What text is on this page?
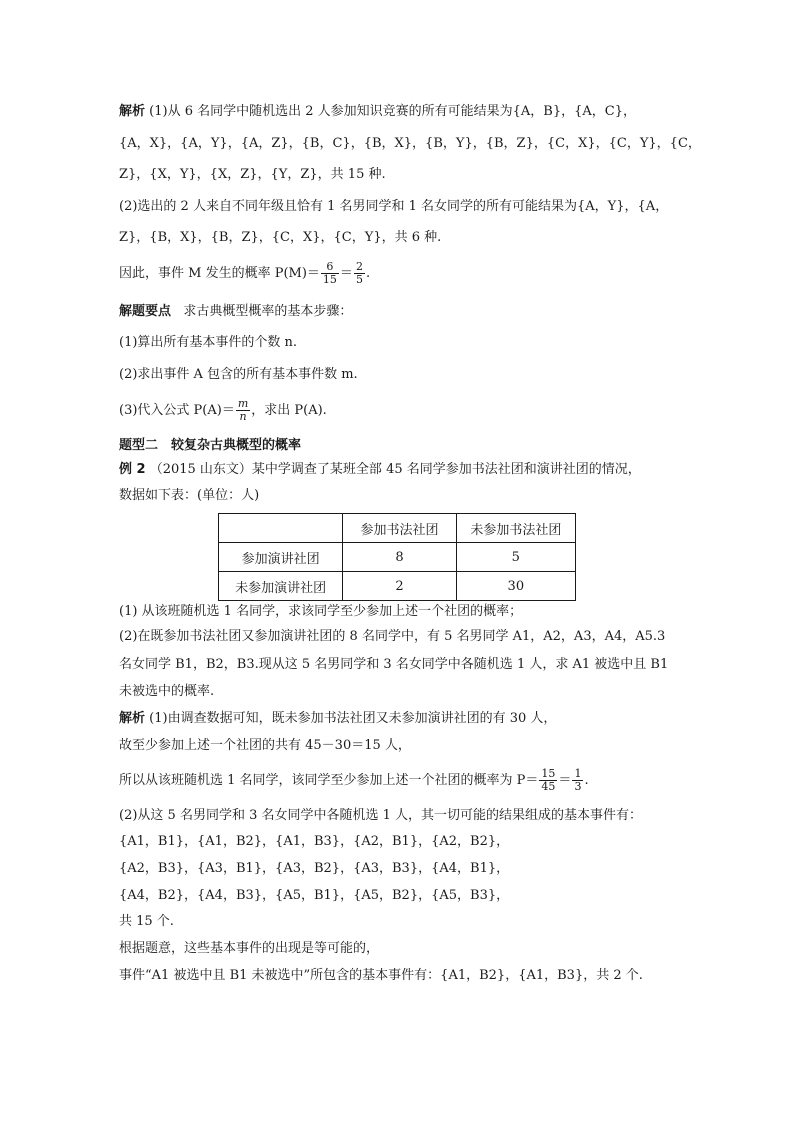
解析 (1)从 6 名同学中随机选出 2 人参加知识竞赛的所有可能结果为{A，B}，{A，C}，
{A，X}，{A，Y}，{A，Z}，{B，C}，{B，X}，{B，Y}，{B，Z}，{C，X}，{C，Y}，{C，
Z}，{X，Y}，{X，Z}，{Y，Z}，共 15 种.
(2)选出的 2 人来自不同年级且恰有 1 名男同学和 1 名女同学的所有可能结果为{A，Y}，{A，
Z}，{B，X}，{B，Z}，{C，X}，{C，Y}，共 6 种.
因此，事件 M 发生的概率 $P(M)= \frac{6}{15} = \frac{2}{5}$ .
解题要点 求古典概型概率的基本步骤：
(1)算出所有基本事件的个数 n.
(2)求出事件 A 包含的所有基本事件数 m.
(3)代入公式 $P(A)= \frac{m}{n}$ ，求出 P(A).
题型二　较复杂古典概型的概率
例 2 （2015 山东文）某中学调查了某班全部 45 名同学参加书法社团和演讲社团的情况，
数据如下表：(单位：人)
	参加书法社团	未参加书法社团
参加演讲社团	8	5
未参加演讲社团	2	30
(1) 从该班随机选 1 名同学，求该同学至少参加上述一个社团的概率；
(2)在既参加书法社团又参加演讲社团的 8 名同学中，有 5 名男同学 A1，A2，A3，A4，A5.3
名女同学 B1，B2，B3.现从这 5 名男同学和 3 名女同学中各随机选 1 人，求 A1 被选中且 B1
未被选中的概率.
解析 (1)由调查数据可知，既未参加书法社团又未参加演讲社团的有 30 人，
故至少参加上述一个社团的共有 45－30＝15 人，
所以从该班随机选 1 名同学，该同学至少参加上述一个社团的概率为 $P= \frac{15}{45} = \frac{1}{3}$ .
(2)从这 5 名男同学和 3 名女同学中各随机选 1 人，其一切可能的结果组成的基本事件有：
{A1，B1}，{A1，B2}，{A1，B3}，{A2，B1}，{A2，B2}，
{A2，B3}，{A3，B1}，{A3，B2}，{A3，B3}，{A4，B1}，
{A4，B2}，{A4，B3}，{A5，B1}，{A5，B2}，{A5，B3}，
共 15 个.
根据题意，这些基本事件的出现是等可能的，
事件“A1 被选中且 B1 未被选中”所包含的基本事件有：{A1，B2}，{A1，B3}，共 2 个.
